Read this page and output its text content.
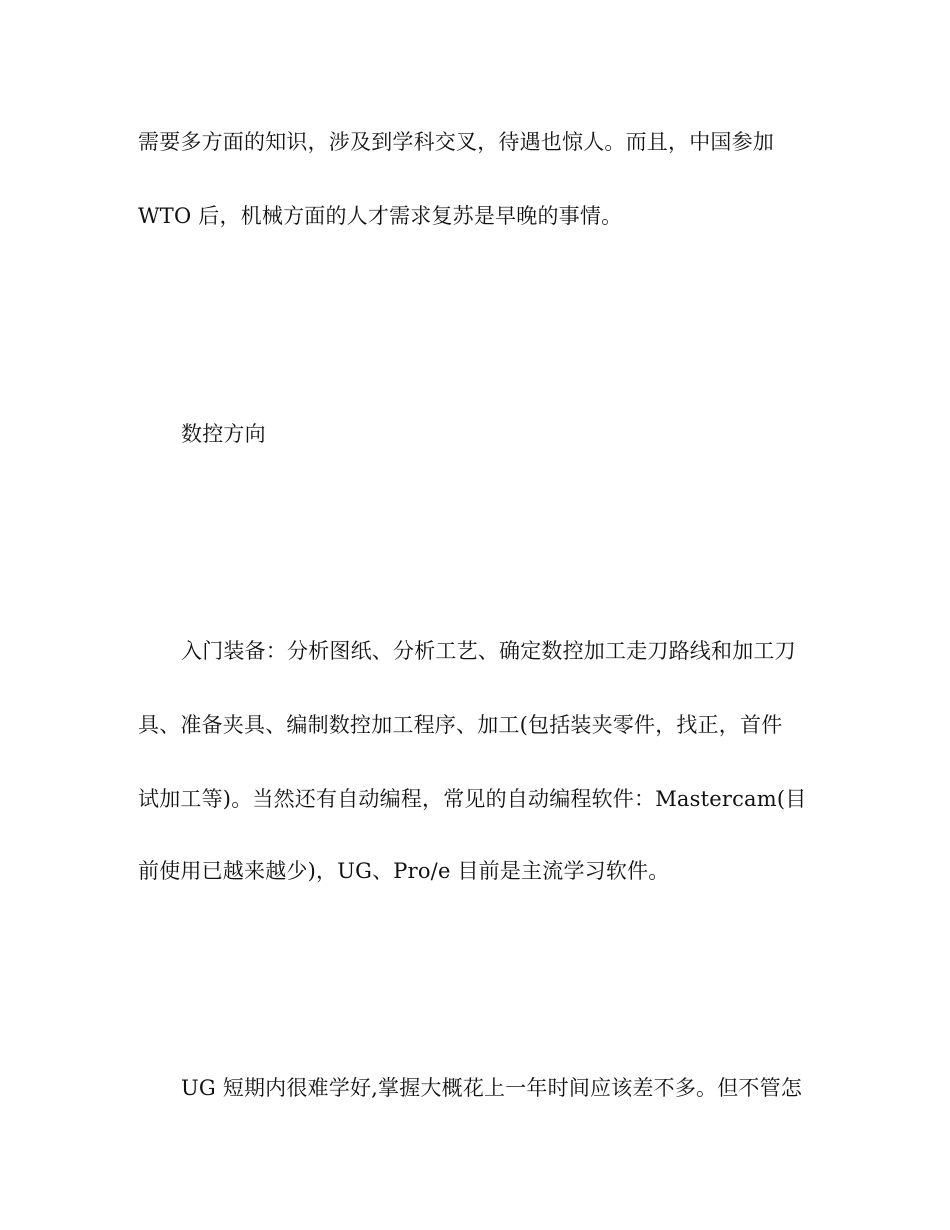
需要多方面的知识，涉及到学科交叉，待遇也惊人。而且，中国参加
WTO 后，机械方面的人才需求复苏是早晚的事情。
数控方向
入门装备：分析图纸、分析工艺、确定数控加工走刀路线和加工刀
具、准备夹具、编制数控加工程序、加工(包括装夹零件，找正，首件
试加工等)。当然还有自动编程，常见的自动编程软件：Mastercam(目
前使用已越来越少)，UG、Pro/e 目前是主流学习软件。
UG 短期内很难学好,掌握大概花上一年时间应该差不多。但不管怎
